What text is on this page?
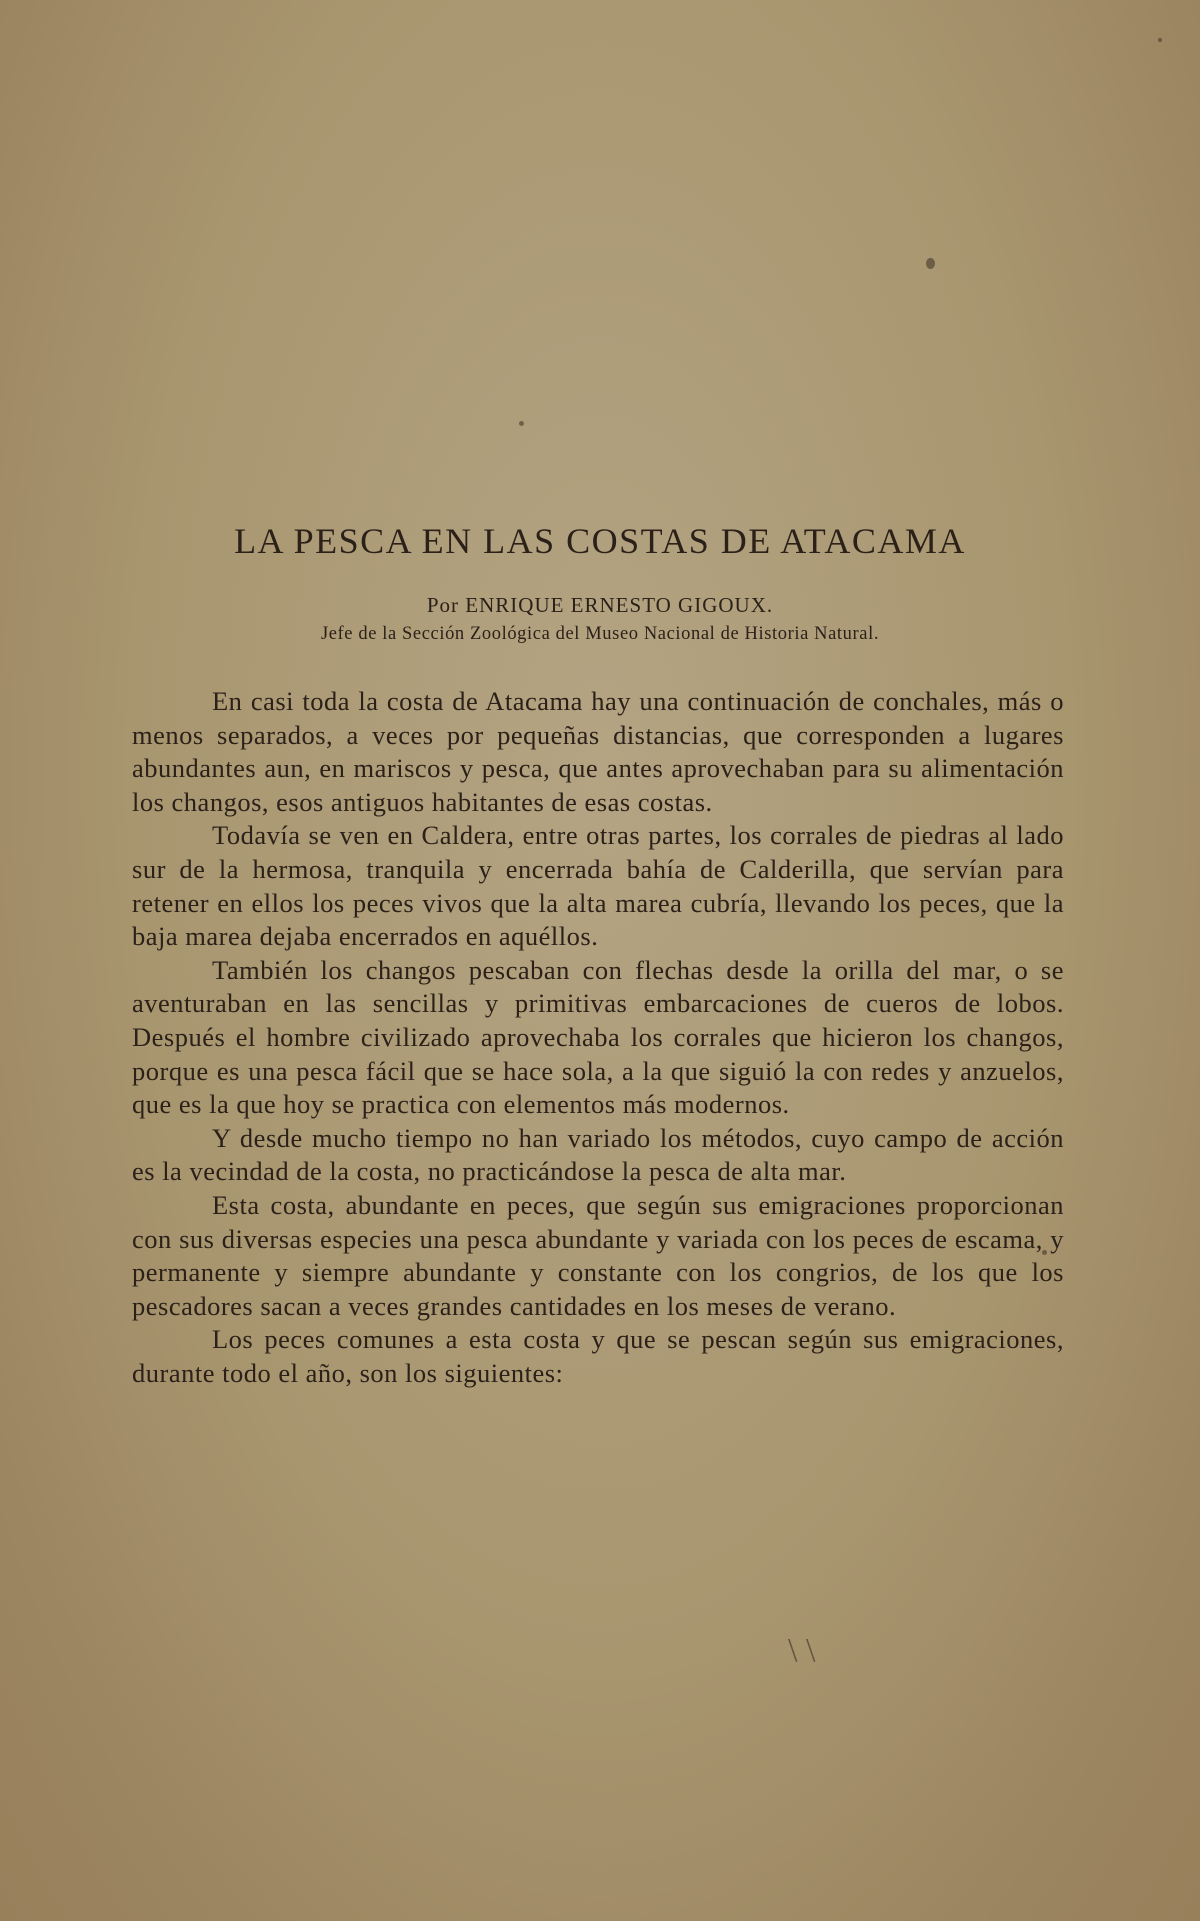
LA PESCA EN LAS COSTAS DE ATACAMA
Por ENRIQUE ERNESTO GIGOUX.
Jefe de la Sección Zoológica del Museo Nacional de Historia Natural.

En casi toda la costa de Atacama hay una continuación de conchales, más o menos separados, a veces por pequeñas distancias, que corresponden a lugares abundantes aun, en mariscos y pesca, que antes aprovechaban para su alimentación los changos, esos antiguos habitantes de esas costas.

Todavía se ven en Caldera, entre otras partes, los corrales de piedras al lado sur de la hermosa, tranquila y encerrada bahía de Calderilla, que servían para retener en ellos los peces vivos que la alta marea cubría, llevando los peces, que la baja marea dejaba encerrados en aquéllos.

También los changos pescaban con flechas desde la orilla del mar, o se aventuraban en las sencillas y primitivas embarcaciones de cueros de lobos. Después el hombre civilizado aprovechaba los corrales que hicieron los changos, porque es una pesca fácil que se hace sola, a la que siguió la con redes y anzuelos, que es la que hoy se practica con elementos más modernos.

Y desde mucho tiempo no han variado los métodos, cuyo campo de acción es la vecindad de la costa, no practicándose la pesca de alta mar.

Esta costa, abundante en peces, que según sus emigraciones proporcionan con sus diversas especies una pesca abundante y variada con los peces de escama, y permanente y siempre abundante y constante con los congrios, de los que los pescadores sacan a veces grandes cantidades en los meses de verano.

Los peces comunes a esta costa y que se pescan según sus emigraciones, durante todo el año, son los siguientes:

\ \
